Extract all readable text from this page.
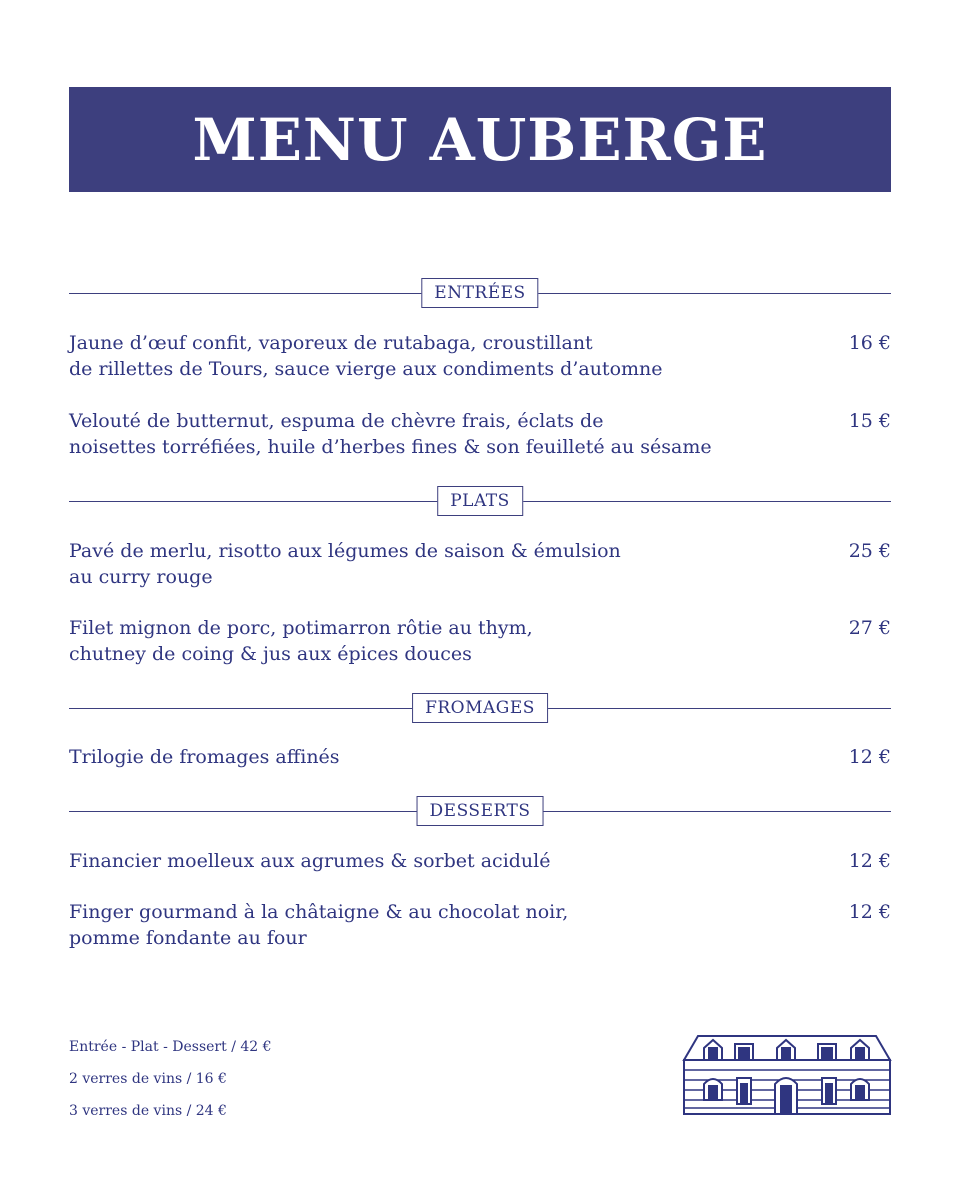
MENU AUBERGE
ENTRÉES
Jaune d’œuf confit, vaporeux de rutabaga, croustillant
de rillettes de Tours, sauce vierge aux condiments d’automne
16 €
Velouté de butternut, espuma de chèvre frais, éclats de
noisettes torréfiées, huile d’herbes fines & son feuilleté au sésame
15 €
PLATS
Pavé de merlu, risotto aux légumes de saison & émulsion
au curry rouge
25 €
Filet mignon de porc, potimarron rôtie au thym,
chutney de coing & jus aux épices douces
27 €
FROMAGES
Trilogie de fromages affinés	12 €
DESSERTS
Financier moelleux aux agrumes & sorbet acidulé	12 €
Finger gourmand à la châtaigne & au chocolat noir,
pomme fondante au four
12 €
Entrée - Plat - Dessert / 42 €
2 verres de vins / 16 €
3 verres de vins / 24 €
